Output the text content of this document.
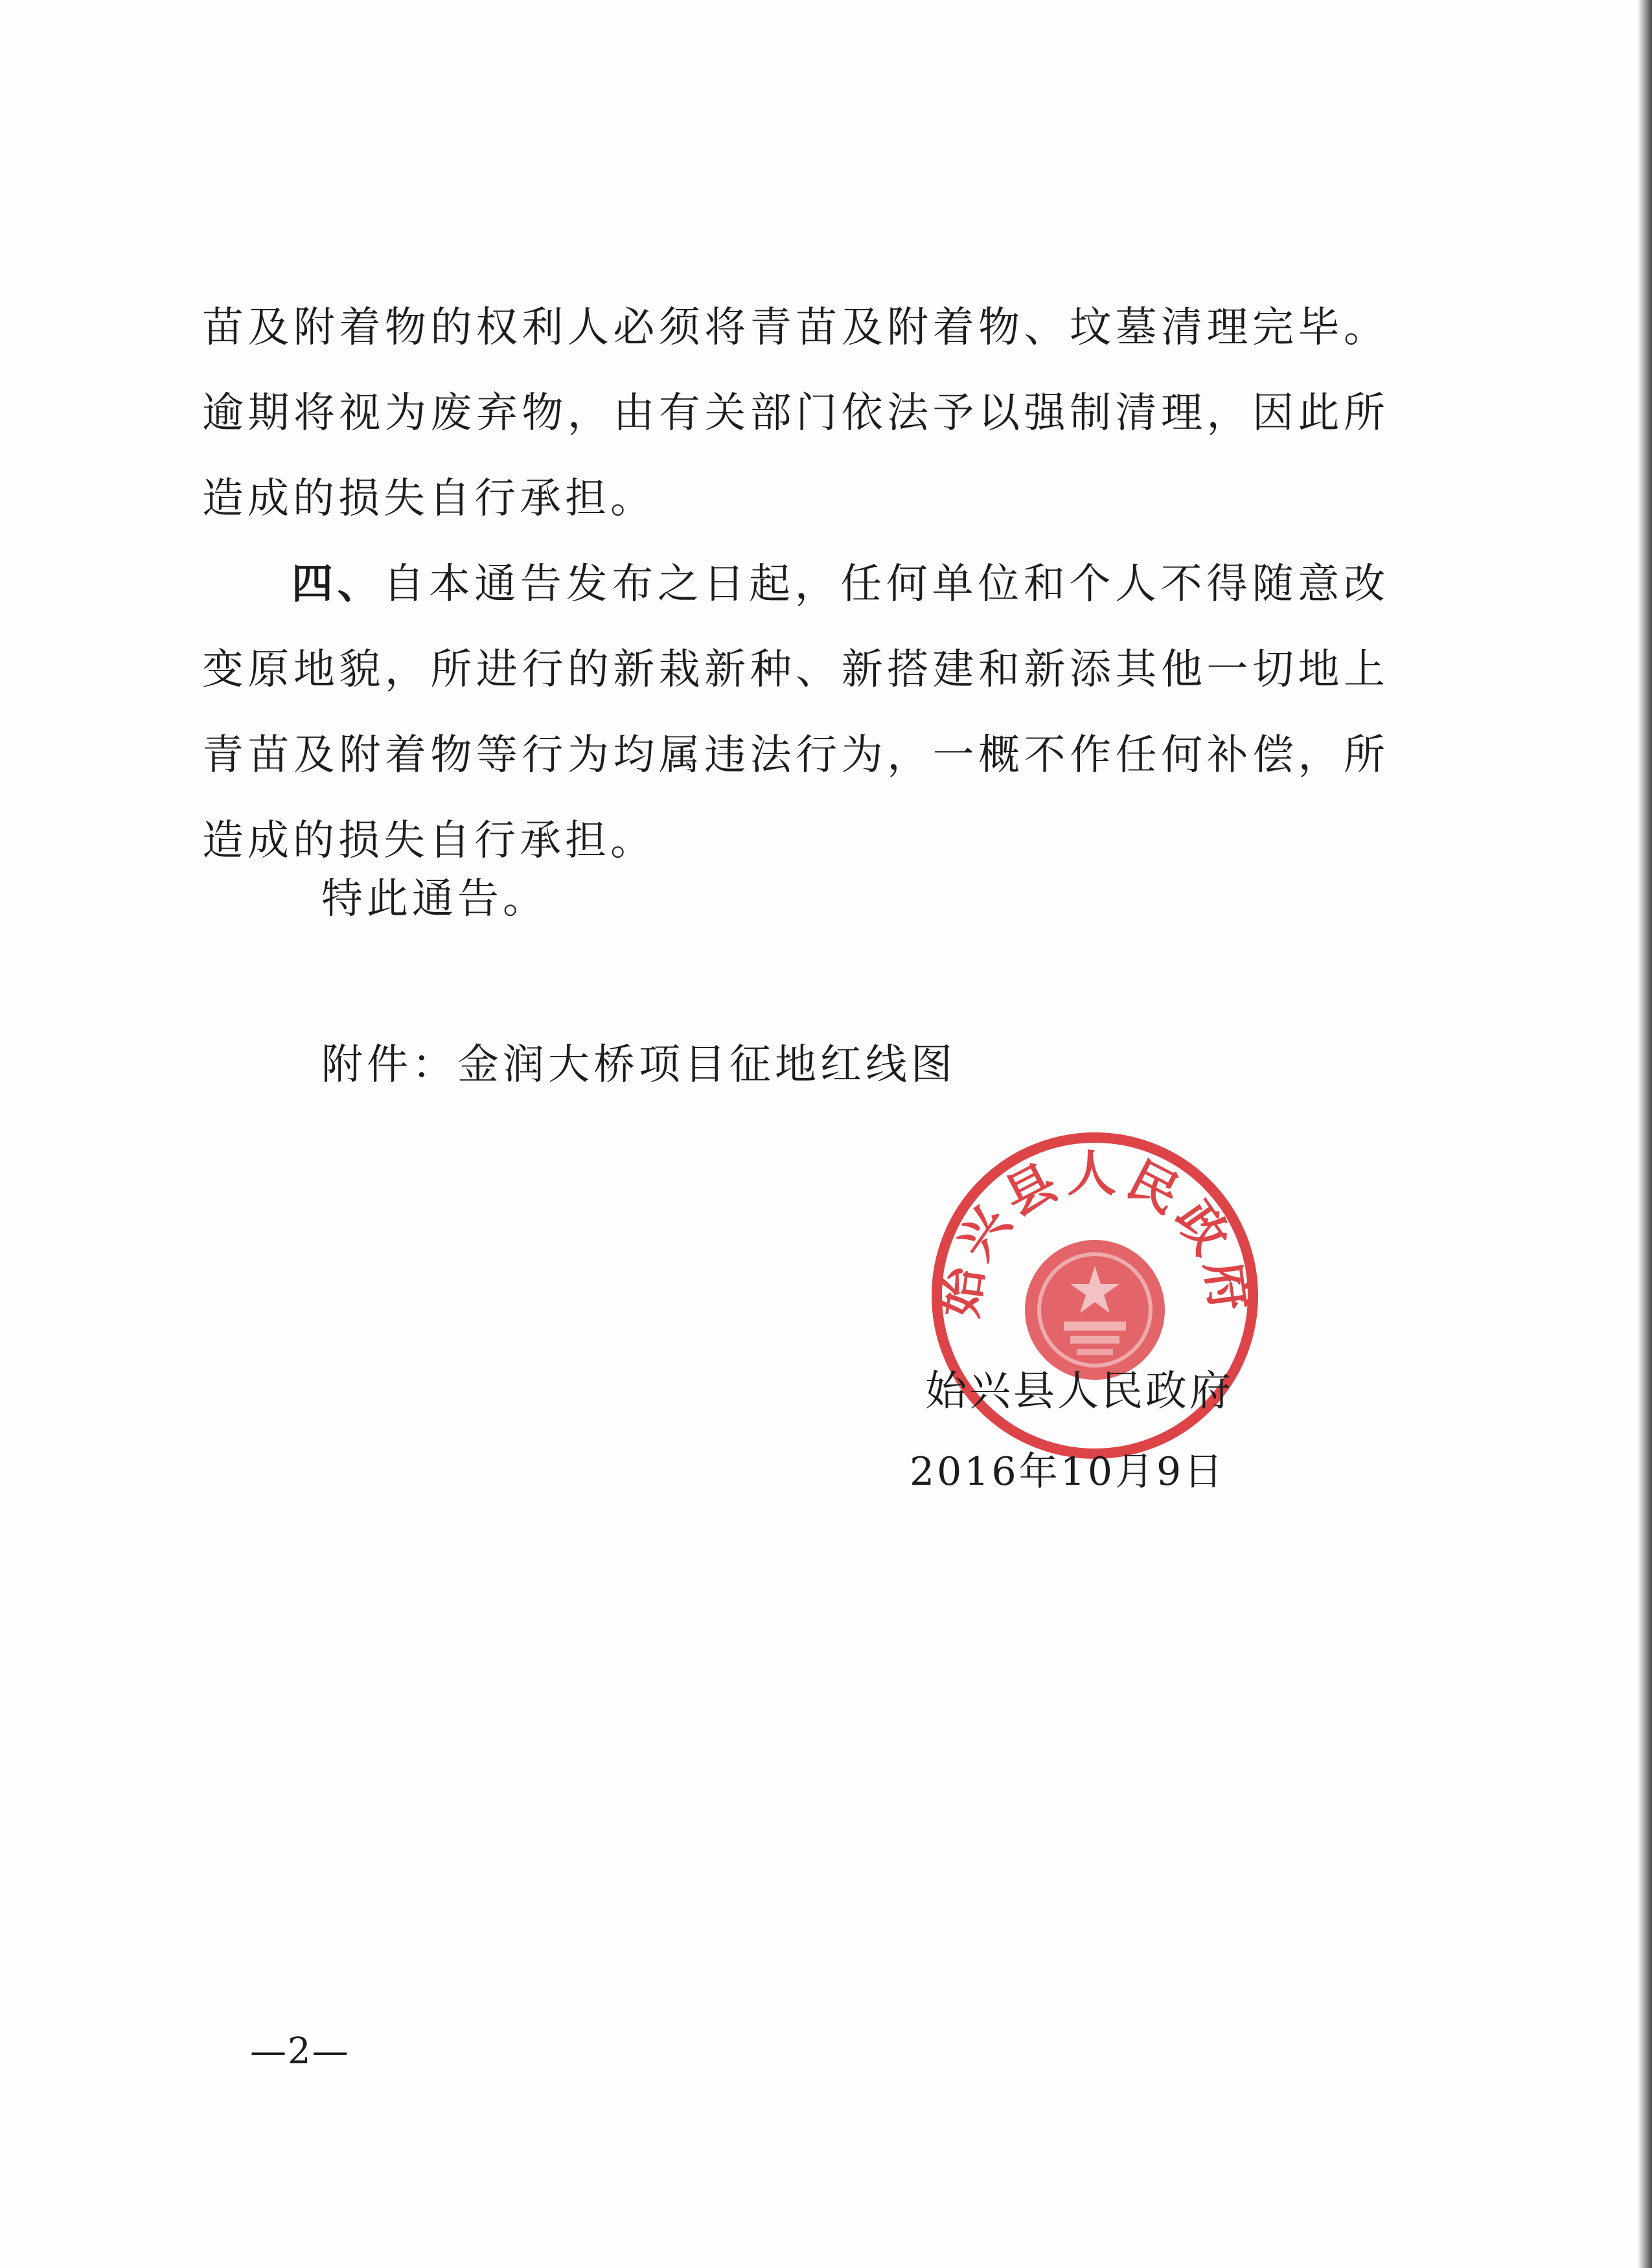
苗及附着物的权利人必须将青苗及附着物、坟墓清理完毕。逾期将视为废弃物，由有关部门依法予以强制清理，因此所造成的损失自行承担。

四、自本通告发布之日起，任何单位和个人不得随意改变原地貌，所进行的新栽新种、新搭建和新添其他一切地上青苗及附着物等行为均属违法行为，一概不作任何补偿，所造成的损失自行承担。

特此通告。

附件：金润大桥项目征地红线图

始兴县人民政府

始兴县人民政府

2016年10月9日

—2—
